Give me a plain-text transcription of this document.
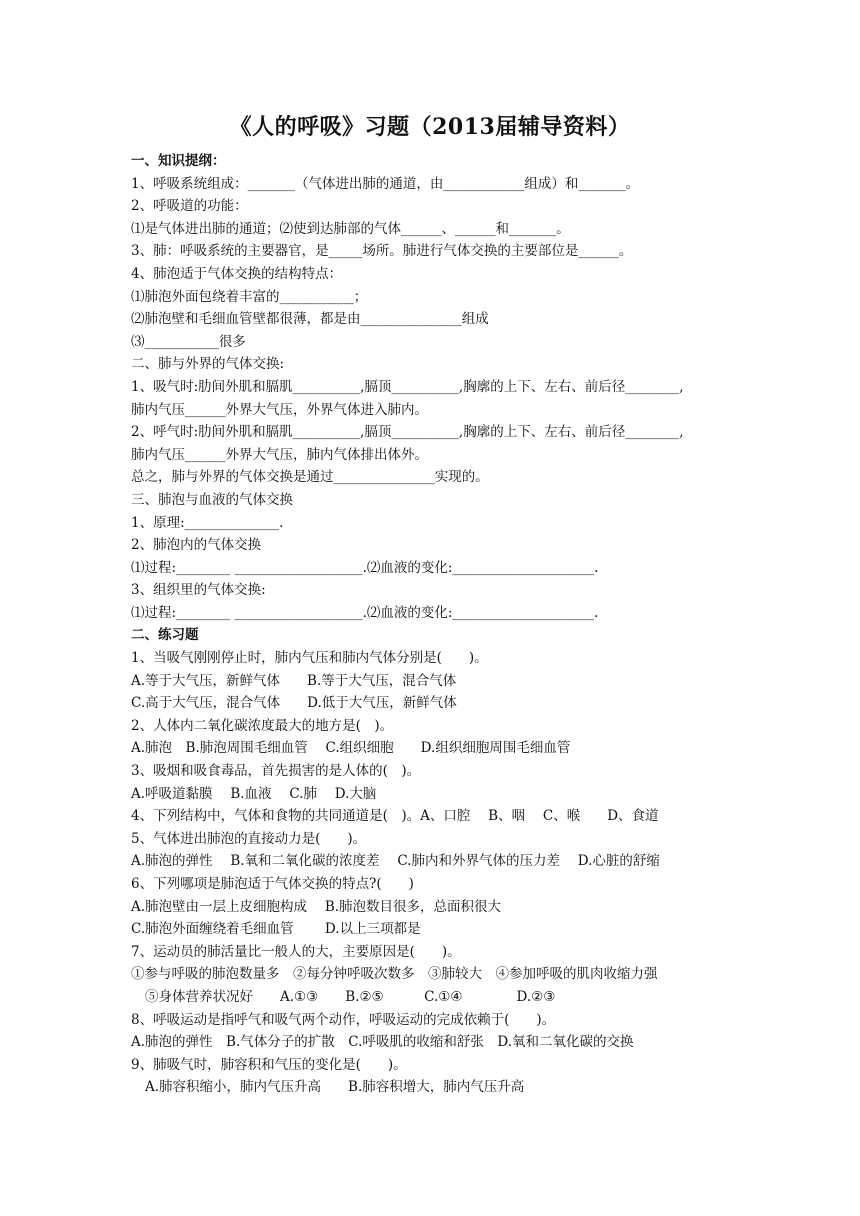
《人的呼吸》习题（2013届辅导资料）
一、知识提纲：
1、呼吸系统组成：_______（气体进出肺的通道，由____________组成）和_______。
2、呼吸道的功能：
⑴是气体进出肺的通道；⑵使到达肺部的气体______、______和_______。
3、肺：呼吸系统的主要器官，是_____场所。肺进行气体交换的主要部位是______。
4、肺泡适于气体交换的结构特点：
⑴肺泡外面包绕着丰富的___________；
⑵肺泡壁和毛细血管壁都很薄，都是由_______________组成
⑶___________很多
二、肺与外界的气体交换:
1、吸气时:肋间外肌和膈肌__________,膈顶__________,胸廓的上下、左右、前后径________,
肺内气压______外界大气压，外界气体进入肺内。
2、呼气时:肋间外肌和膈肌__________,膈顶__________,胸廓的上下、左右、前后径________,
肺内气压______外界大气压，肺内气体排出体外。
总之，肺与外界的气体交换是通过_______________实现的。
三、肺泡与血液的气体交换
1、原理:______________.
2、肺泡内的气体交换
⑴过程:________ ___________________.⑵血液的变化:_____________________.
3、组织里的气体交换:
⑴过程:________ ___________________.⑵血液的变化:_____________________.
二、练习题
1、当吸气刚刚停止时，肺内气压和肺内气体分别是(　　)。
A.等于大气压，新鲜气体　　B.等于大气压，混合气体
C.高于大气压，混合气体　　D.低于大气压，新鲜气体
2、人体内二氧化碳浓度最大的地方是(　)。
A.肺泡　B.肺泡周围毛细血管　 C.组织细胞　　D.组织细胞周围毛细血管
3、吸烟和吸食毒品，首先损害的是人体的(　)。
A.呼吸道黏膜　 B.血液　 C.肺　 D.大脑
4、下列结构中，气体和食物的共同通道是(　)。A、口腔　 B、咽　 C、喉　　D、食道
5、气体进出肺泡的直接动力是(　　)。
A.肺泡的弹性　 B.氧和二氧化碳的浓度差　 C.肺内和外界气体的压力差　 D.心脏的舒缩
6、下列哪项是肺泡适于气体交换的特点?(　　)
A.肺泡壁由一层上皮细胞构成　 B.肺泡数目很多，总面积很大
C.肺泡外面缠绕着毛细血管　　 D.以上三项都是
7、运动员的肺活量比一般人的大，主要原因是(　　)。
①参与呼吸的肺泡数量多　②每分钟呼吸次数多　③肺较大　④参加呼吸的肌肉收缩力强
⑤身体营养状况好　　A.①③　　B.②⑤　　　C.①④　　　　D.②③
8、呼吸运动是指呼气和吸气两个动作，呼吸运动的完成依赖于(　　)。
A.肺泡的弹性　B.气体分子的扩散　C.呼吸肌的收缩和舒张　D.氧和二氧化碳的交换
9、肺吸气时，肺容积和气压的变化是(　　)。
A.肺容积缩小，肺内气压升高　　B.肺容积增大，肺内气压升高
